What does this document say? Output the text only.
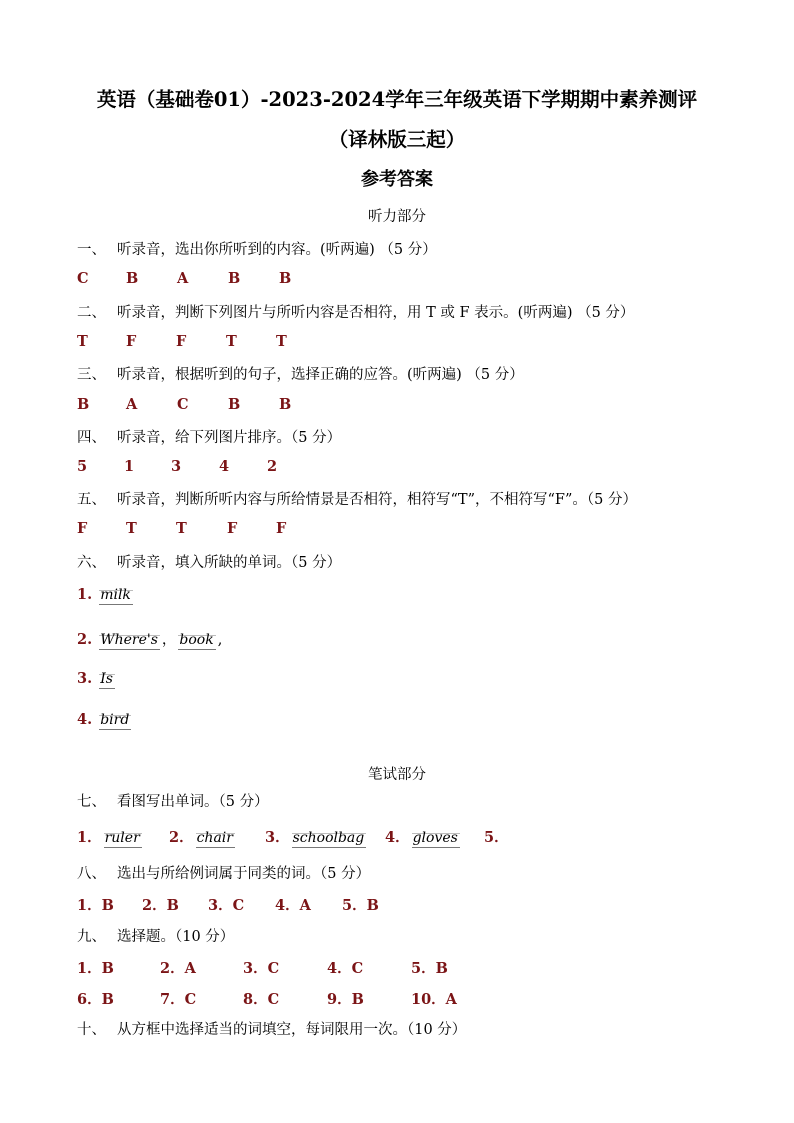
英语（基础卷01）-2023-2024学年三年级英语下学期期中素养测评
（译林版三起）
参考答案
听力部分
一、 听录音，选出你所听到的内容。(听两遍) （5 分）
C	B	A	B	B
二、 听录音，判断下列图片与所听内容是否相符，用 T 或 F 表示。(听两遍) （5 分）
T	F	F	T	T
三、 听录音，根据听到的句子，选择正确的应答。(听两遍) （5 分）
B	A	C	B	B
四、 听录音，给下列图片排序。（5 分）
5	1	3	4	2
五、 听录音，判断所听内容与所给情景是否相符，相符写“T”，不相符写“F”。（5 分）
F	T	T	F	F
六、 听录音，填入所缺的单词。（5 分）
1. milk
2. Where's ， book ,
3. Is
4. bird
笔试部分
七、 看图写出单词。（5 分）
1． ruler 2． chair 3． schoolbag 4． gloves 5．
八、 选出与所给例词属于同类的词。（5 分）
1．B 2．B 3．C 4．A 5．B
九、 选择题。（10 分）
1．B	2．A	3．C	4．C	5．B
6．B	7．C	8．C	9．B	10．A
十、 从方框中选择适当的词填空，每词限用一次。（10 分）
